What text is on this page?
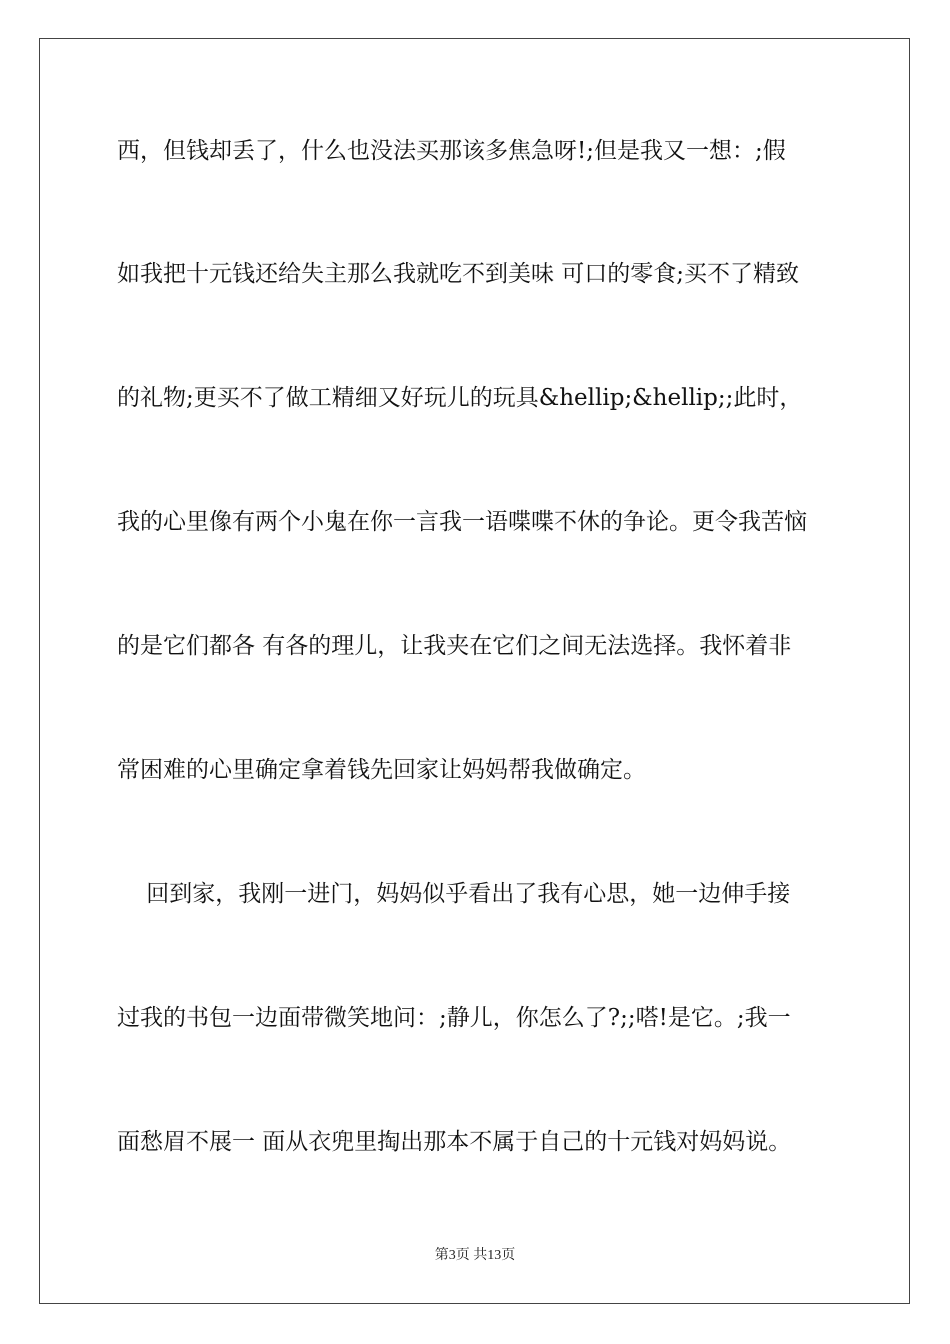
西，但钱却丢了，什么也没法买那该多焦急呀!;但是我又一想：;假
如我把十元钱还给失主那么我就吃不到美味 可口的零食;买不了精致
的礼物;更买不了做工精细又好玩儿的玩具&hellip;&hellip;;此时，
我的心里像有两个小鬼在你一言我一语喋喋不休的争论。更令我苦恼
的是它们都各 有各的理儿，让我夹在它们之间无法选择。我怀着非
常困难的心里确定拿着钱先回家让妈妈帮我做确定。
回到家，我刚一进门，妈妈似乎看出了我有心思，她一边伸手接
过我的书包一边面带微笑地问：;静儿，你怎么了?;;嗒!是它。;我一
面愁眉不展一 面从衣兜里掏出那本不属于自己的十元钱对妈妈说。
第3页 共13页
